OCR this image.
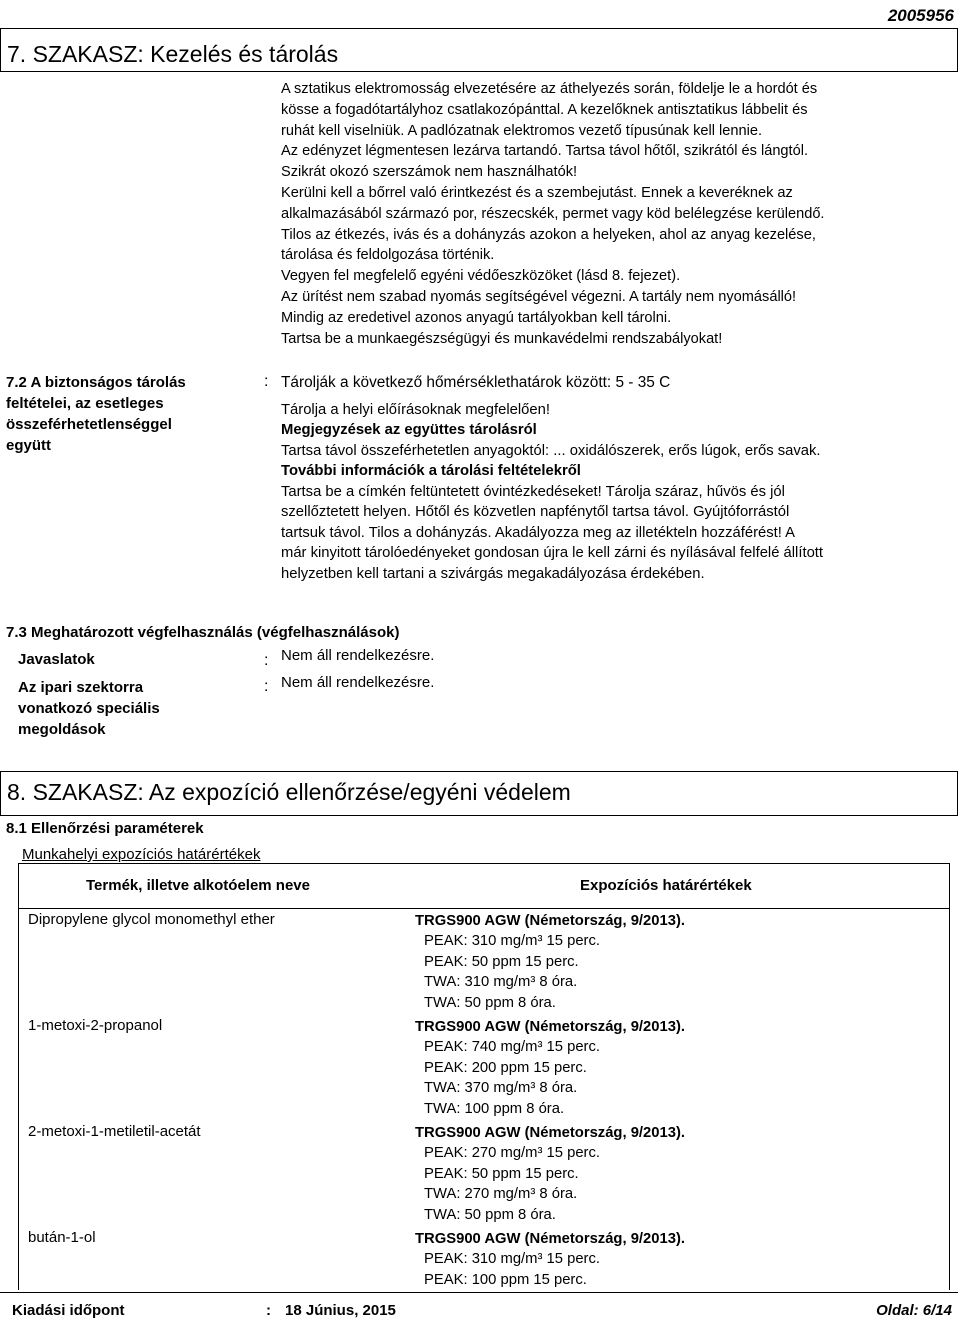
2005956
7. SZAKASZ: Kezelés és tárolás
A sztatikus elektromosság elvezetésére az áthelyezés során, földelje le a hordót és
kösse a fogadótartályhoz csatlakozópánttal. A kezelőknek antisztatikus lábbelit és
ruhát kell viselniük. A padlózatnak elektromos vezető típusúnak kell lennie.
Az edényzet légmentesen lezárva tartandó. Tartsa távol hőtől, szikrától és lángtól.
Szikrát okozó szerszámok nem használhatók!
Kerülni kell a bőrrel való érintkezést és a szembejutást. Ennek a keveréknek az
alkalmazásából származó por, részecskék, permet vagy köd belélegzése kerülendő.
Tilos az étkezés, ivás és a dohányzás azokon a helyeken, ahol az anyag kezelése,
tárolása és feldolgozása történik.
Vegyen fel megfelelő egyéni védőeszközöket (lásd 8. fejezet).
Az ürítést nem szabad nyomás segítségével végezni. A tartály nem nyomásálló!
Mindig az eredetivel azonos anyagú tartályokban kell tárolni.
Tartsa be a munkaegészségügyi és munkavédelmi rendszabályokat!
7.2 A biztonságos tárolás
feltételei, az esetleges
összeférhetetlenséggel
együtt
: Tárolják a következő hőmérséklethatárok között: 5 - 35 C
Tárolja a helyi előírásoknak megfelelően!
Megjegyzések az együttes tárolásról
Tartsa távol összeférhetetlen anyagoktól: ... oxidálószerek, erős lúgok, erős savak.
További információk a tárolási feltételekről
Tartsa be a címkén feltüntetett óvintézkedéseket! Tárolja száraz, hűvös és jól
szellőztetett helyen. Hőtől és közvetlen napfénytől tartsa távol. Gyújtóforrástól
tartsuk távol. Tilos a dohányzás. Akadályozza meg az illetékteln hozzáférést! A
már kinyitott tárolóedényeket gondosan újra le kell zárni és nyílásával felfelé állított
helyzetben kell tartani a szivárgás megakadályozása érdekében.
7.3 Meghatározott végfelhasználás (végfelhasználások)
Javaslatok	: Nem áll rendelkezésre.
Az ipari szektorra
vonatkozó speciális
megoldások
: Nem áll rendelkezésre.
8. SZAKASZ: Az expozíció ellenőrzése/egyéni védelem
8.1 Ellenőrzési paraméterek
Munkahelyi expozíciós határértékek
Termék, illetve alkotóelem neve	Expozíciós határértékek
Dipropylene glycol monomethyl ether	TRGS900 AGW (Németország, 9/2013).
PEAK: 310 mg/m³ 15 perc.
PEAK: 50 ppm 15 perc.
TWA: 310 mg/m³ 8 óra.
TWA: 50 ppm 8 óra.
1-metoxi-2-propanol	TRGS900 AGW (Németország, 9/2013).
PEAK: 740 mg/m³ 15 perc.
PEAK: 200 ppm 15 perc.
TWA: 370 mg/m³ 8 óra.
TWA: 100 ppm 8 óra.
2-metoxi-1-metiletil-acetát	TRGS900 AGW (Németország, 9/2013).
PEAK: 270 mg/m³ 15 perc.
PEAK: 50 ppm 15 perc.
TWA: 270 mg/m³ 8 óra.
TWA: 50 ppm 8 óra.
bután-1-ol	TRGS900 AGW (Németország, 9/2013).
PEAK: 310 mg/m³ 15 perc.
PEAK: 100 ppm 15 perc.
Kiadási időpont	: 18 Június, 2015	Oldal: 6/14
